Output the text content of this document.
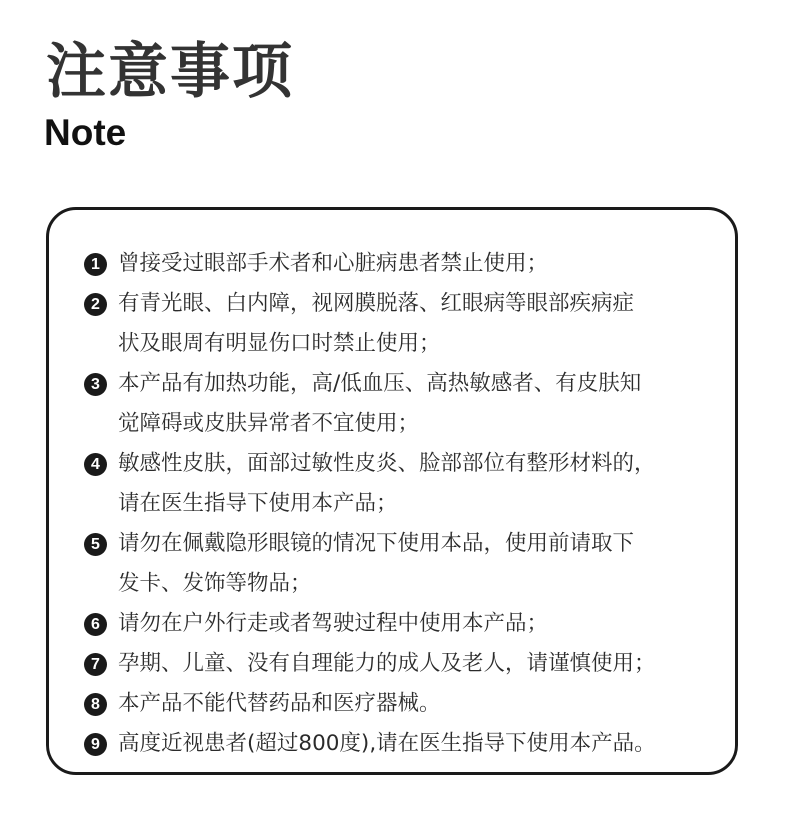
注意事项
Note
1 曾接受过眼部手术者和心脏病患者禁止使用；
2 有青光眼、白内障，视网膜脱落、红眼病等眼部疾病症
状及眼周有明显伤口时禁止使用；
3 本产品有加热功能，高/低血压、高热敏感者、有皮肤知
觉障碍或皮肤异常者不宜使用；
4 敏感性皮肤，面部过敏性皮炎、脸部部位有整形材料的，
请在医生指导下使用本产品；
5 请勿在佩戴隐形眼镜的情况下使用本品，使用前请取下
发卡、发饰等物品；
6 请勿在户外行走或者驾驶过程中使用本产品；
7 孕期、儿童、没有自理能力的成人及老人，请谨慎使用；
8 本产品不能代替药品和医疗器械。
9 高度近视患者(超过800度),请在医生指导下使用本产品。
